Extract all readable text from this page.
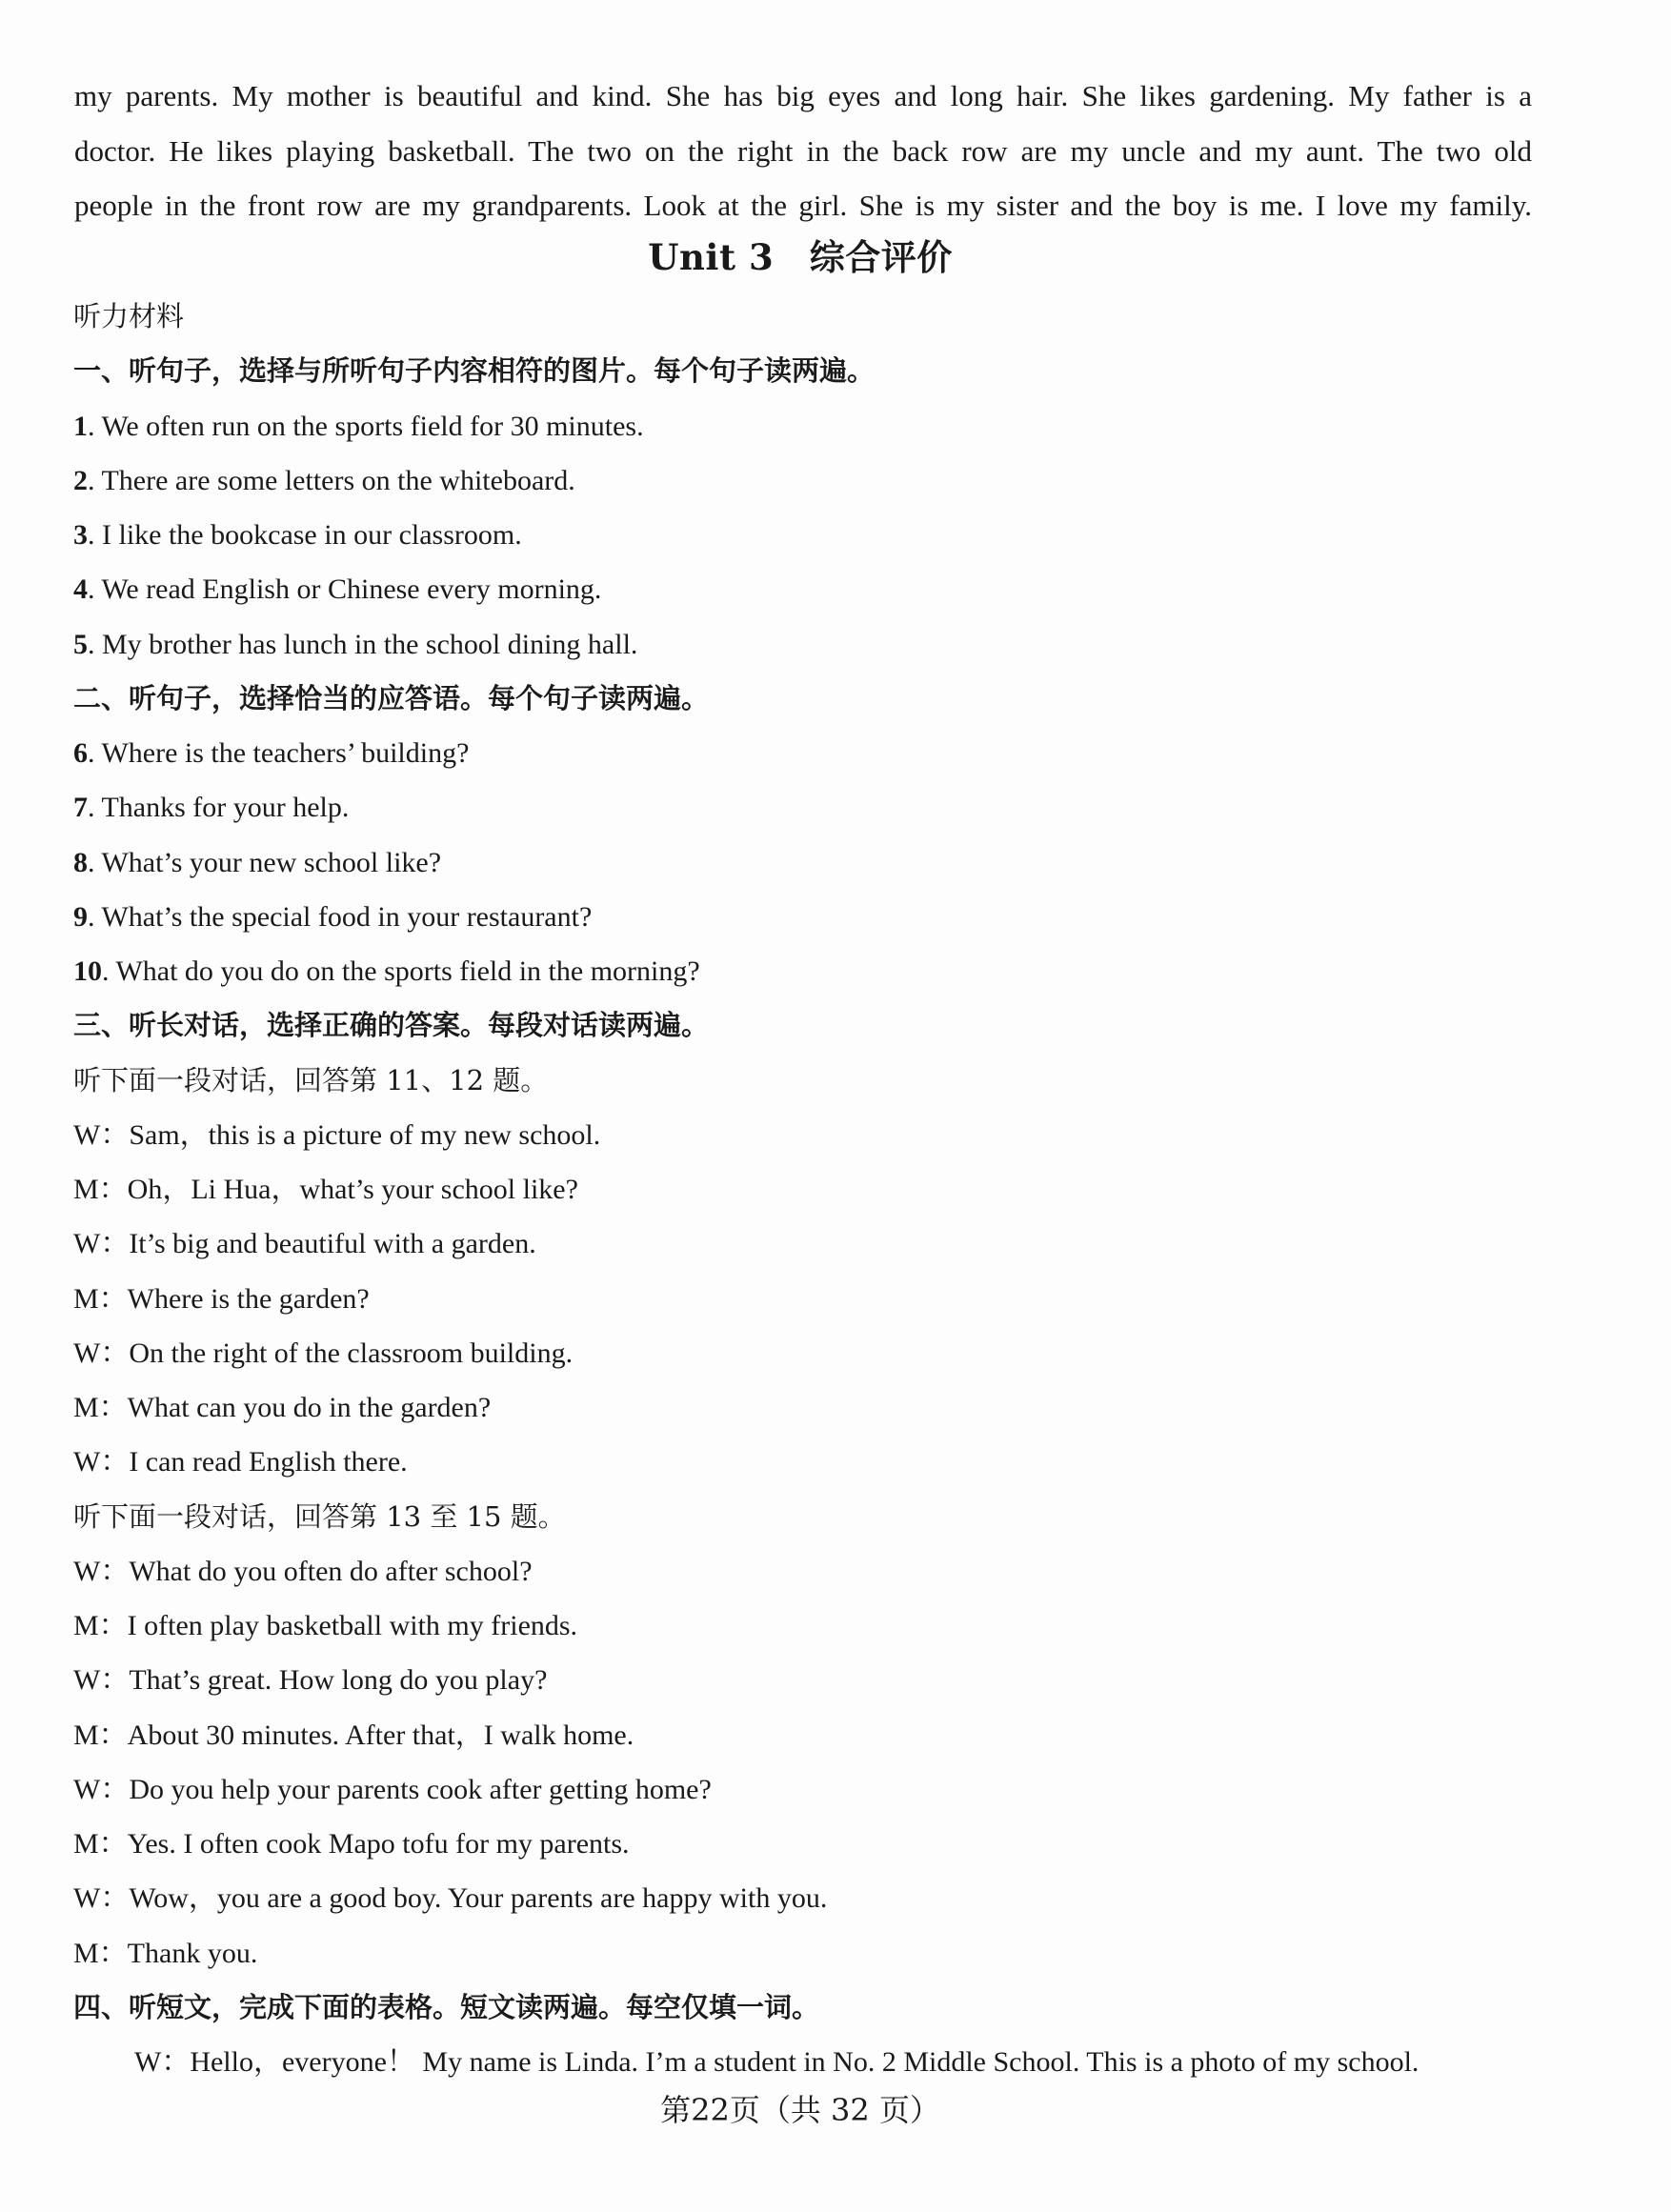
my parents. My mother is beautiful and kind. She has big eyes and long hair. She likes gardening. My father is a

doctor. He likes playing basketball. The two on the right in the back row are my uncle and my aunt. The two old

people in the front row are my grandparents. Look at the girl. She is my sister and the boy is me. I love my family.

Unit 3　综合评价
听力材料
一、听句子，选择与所听句子内容相符的图片。每个句子读两遍。
1. We often run on the sports field for 30 minutes.
2. There are some letters on the whiteboard.
3. I like the bookcase in our classroom.
4. We read English or Chinese every morning.
5. My brother has lunch in the school dining hall.
二、听句子，选择恰当的应答语。每个句子读两遍。
6. Where is the teachers’ building?
7. Thanks for your help.
8. What’s your new school like?
9. What’s the special food in your restaurant?
10. What do you do on the sports field in the morning?
三、听长对话，选择正确的答案。每段对话读两遍。
听下面一段对话，回答第 11、12 题。
W：Sam，this is a picture of my new school.
M：Oh，Li Hua，what’s your school like?
W：It’s big and beautiful with a garden.
M：Where is the garden?
W：On the right of the classroom building.
M：What can you do in the garden?
W：I can read English there.
听下面一段对话，回答第 13 至 15 题。
W：What do you often do after school?
M：I often play basketball with my friends.
W：That’s great. How long do you play?
M：About 30 minutes. After that，I walk home.
W：Do you help your parents cook after getting home?
M：Yes. I often cook Mapo tofu for my parents.
W：Wow，you are a good boy. Your parents are happy with you.
M：Thank you.
四、听短文，完成下面的表格。短文读两遍。每空仅填一词。
W：Hello，everyone！ My name is Linda. I’m a student in No. 2 Middle School. This is a photo of my school.
第22页（共 32 页）
